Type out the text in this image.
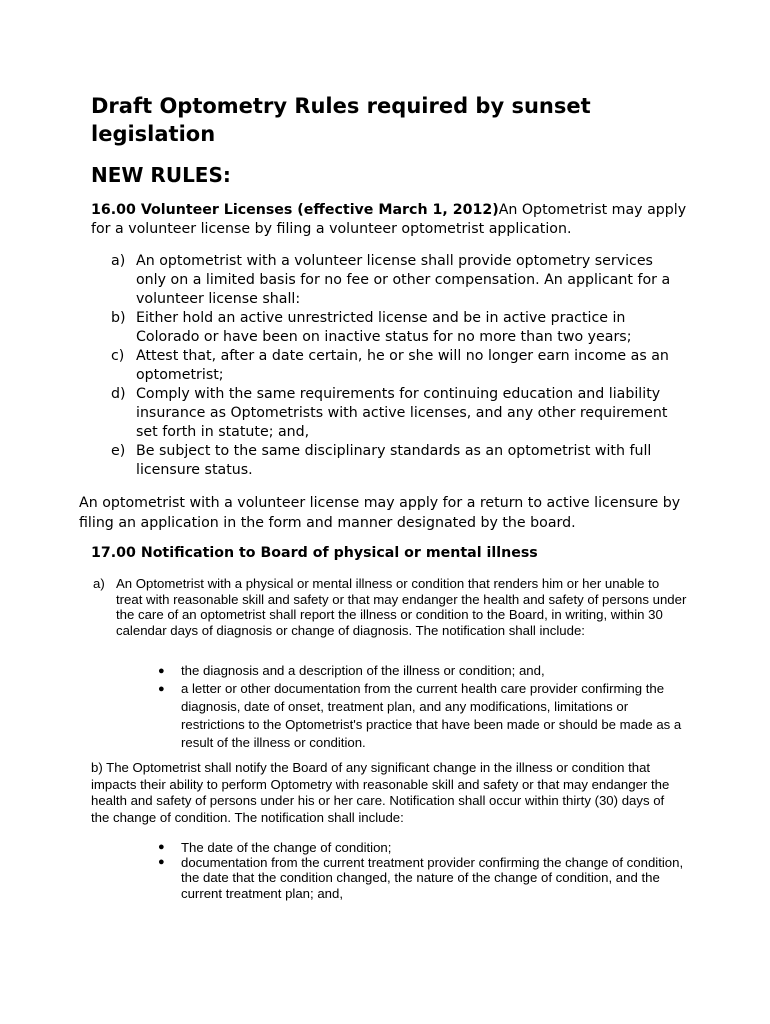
Draft Optometry Rules required by sunset legislation
NEW RULES:
16.00 Volunteer Licenses (effective March 1, 2012)An Optometrist may apply for a volunteer license by filing a volunteer optometrist application.
a) An optometrist with a volunteer license shall provide optometry services only on a limited basis for no fee or other compensation. An applicant for a volunteer license shall:
b) Either hold an active unrestricted license and be in active practice in Colorado or have been on inactive status for no more than two years;
c) Attest that, after a date certain, he or she will no longer earn income as an optometrist;
d) Comply with the same requirements for continuing education and liability insurance as Optometrists with active licenses, and any other requirement set forth in statute; and,
e) Be subject to the same disciplinary standards as an optometrist with full licensure status.
An optometrist with a volunteer license may apply for a return to active licensure by filing an application in the form and manner designated by the board.
17.00 Notification to Board of physical or mental illness
a) An Optometrist with a physical or mental illness or condition that renders him or her unable to treat with reasonable skill and safety or that may endanger the health and safety of persons under the care of an optometrist shall report the illness or condition to the Board, in writing, within 30 calendar days of diagnosis or change of diagnosis. The notification shall include:
● the diagnosis and a description of the illness or condition; and,
● a letter or other documentation from the current health care provider confirming the diagnosis, date of onset, treatment plan, and any modifications, limitations or restrictions to the Optometrist's practice that have been made or should be made as a result of the illness or condition.
b) The Optometrist shall notify the Board of any significant change in the illness or condition that impacts their ability to perform Optometry with reasonable skill and safety or that may endanger the health and safety of persons under his or her care. Notification shall occur within thirty (30) days of the change of condition. The notification shall include:
● The date of the change of condition;
● documentation from the current treatment provider confirming the change of condition, the date that the condition changed, the nature of the change of condition, and the current treatment plan; and,
